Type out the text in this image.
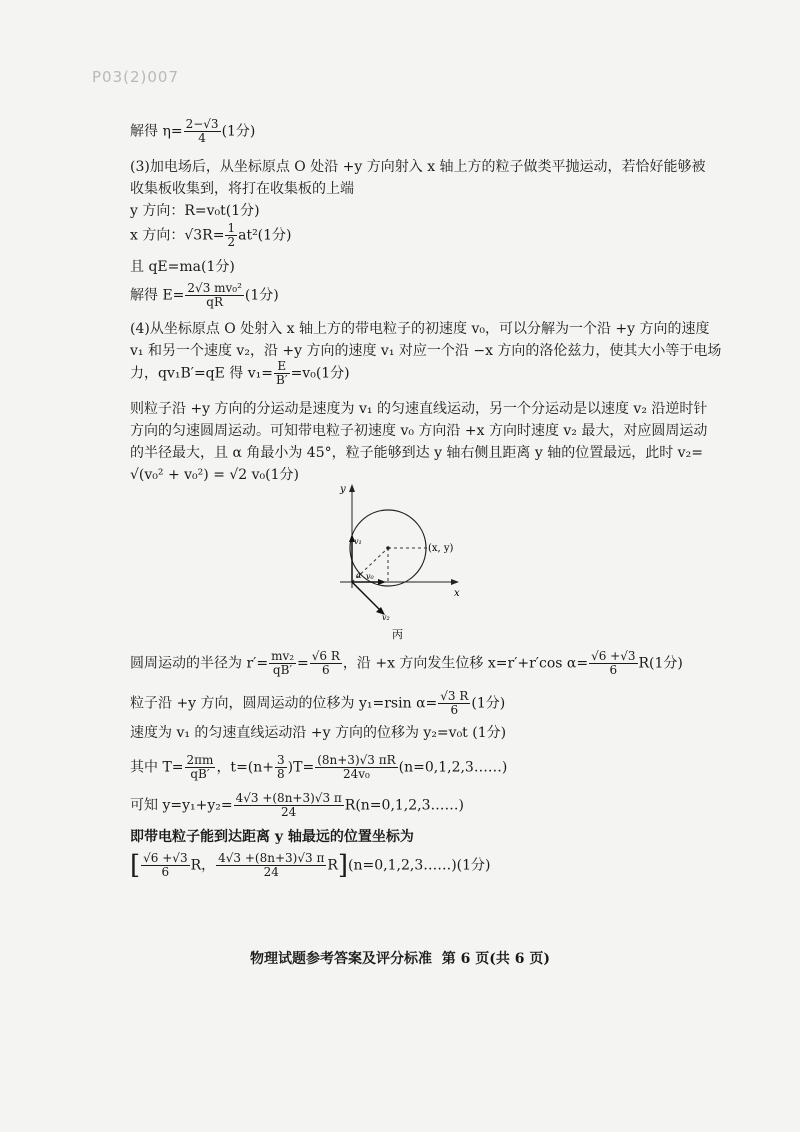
P03(2)007
解得 $\eta= \frac{2-√3}{4} (1$分)
(3)加电场后，从坐标原点 O 处沿 +y 方向射入 x 轴上方的粒子做类平抛运动，若恰好能够被
收集板收集到，将打在收集板的上端
y 方向：R=v₀t(1分)
x 方向：$√3R= \frac{1}{2} at^2(1$分)
且 qE=ma(1分)
解得 $E= \frac{\text{2√3 mv₀²}}{qR} (1$分)
(4)从坐标原点 O 处射入 x 轴上方的带电粒子的初速度 v₀，可以分解为一个沿 +y 方向的速度
v₁ 和另一个速度 v₂，沿 +y 方向的速度 v₁ 对应一个沿 −x 方向的洛伦兹力，使其大小等于电场
力，qv₁B′=qE 得 $v_1= \frac{E}{B'} =v_0(1$分)
则粒子沿 +y 方向的分运动是速度为 v₁ 的匀速直线运动，另一个分运动是以速度 v₂ 沿逆时针
方向的匀速圆周运动。可知带电粒子初速度 v₀ 方向沿 +x 方向时速度 v₂ 最大，对应圆周运动
的半径最大，且 α 角最小为 45°，粒子能够到达 y 轴右侧且距离 y 轴的位置最远，此时 v₂=
√(v₀² + v₀²) = √2 v₀(1分)
y
x
(x, y)
v₁
v₀
v₂
α
丙
圆周运动的半径为 $r'= \frac{\text{mv₂}}{qB'} = \frac{√6 R}{6}$ ，沿 +x 方向发生位移 x=r′+r′cos $\alpha= \frac{√6 +√3}{6} R(1$分)
粒子沿 +y 方向，圆周运动的位移为 y₁=rsin $\alpha= \frac{√3 R}{6} (1$分)
速度为 v₁ 的匀速直线运动沿 +y 方向的位移为 y₂=v₀t (1分)
其中 $T= \frac{2\pi m}{qB'}$ ，$t=(n+ \frac{3}{8} )T= \frac{(8n+3)√3 \pi R}{\text{24v₀}}$ (n=0,1,2,3……)
可知 $y=y_1+y_2= \frac{4√3 +(8n+3)√3 \pi}{24}$ R(n=0,1,2,3……)
即带电粒子能到达距离 y 轴最远的位置坐标为
[ $\frac{√6 +√3}{6}$ R， $\frac{4√3 +(8n+3)√3 \pi}{24}$ R](n=0,1,2,3……)(1分)
物理试题参考答案及评分标准 第 6 页(共 6 页)
